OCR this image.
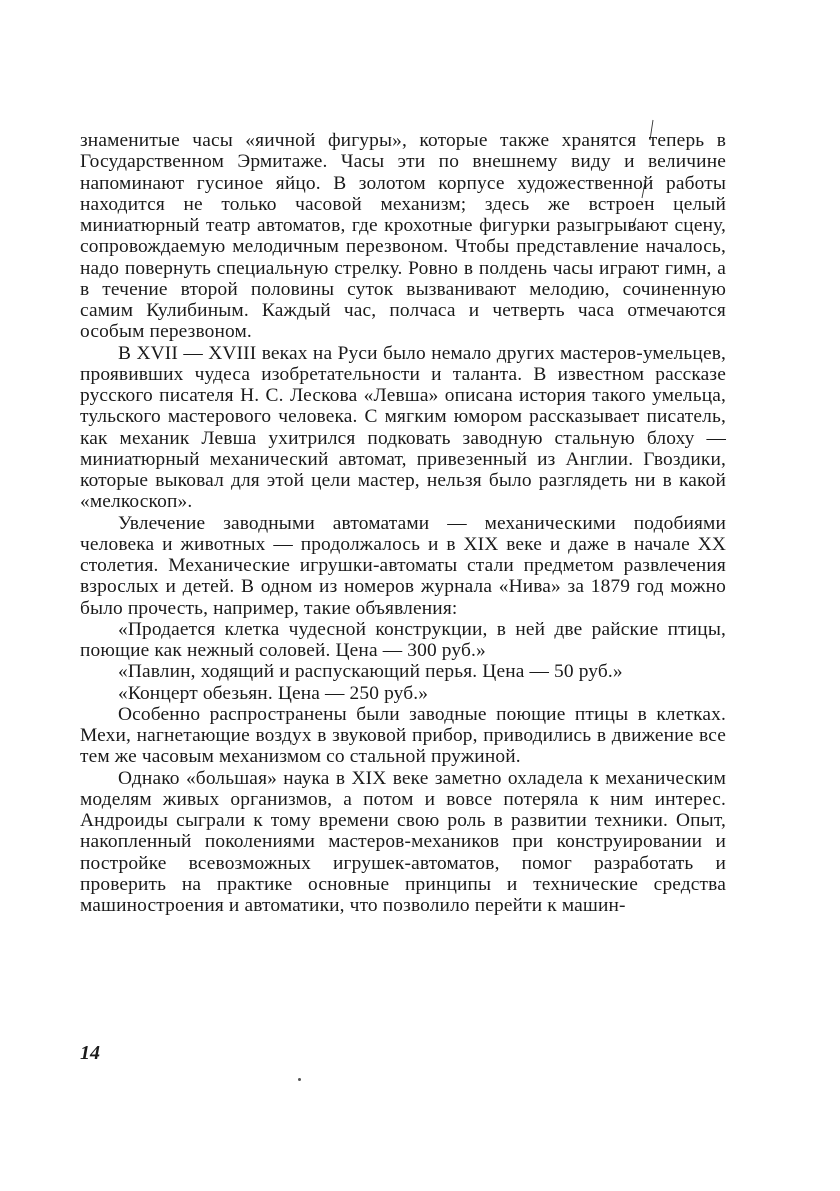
знаменитые часы «яичной фигуры», которые также хранятся теперь в Государственном Эрмитаже. Часы эти по внешнему виду и величине напоминают гусиное яйцо. В золотом корпусе художественной работы находится не только часовой механизм; здесь же встроен целый миниатюрный театр автоматов, где крохотные фигурки разыгрывают сцену, сопровождаемую мелодичным перезвоном. Чтобы представление началось, надо повернуть специальную стрелку. Ровно в полдень часы играют гимн, а в течение второй половины суток вызванивают мелодию, сочиненную самим Кулибиным. Каждый час, полчаса и четверть часа отмечаются особым перезвоном.

В XVII — XVIII веках на Руси было немало других мастеров-умельцев, проявивших чудеса изобретательности и таланта. В известном рассказе русского писателя Н. С. Лескова «Левша» описана история такого умельца, тульского мастерового человека. С мягким юмором рассказывает писатель, как механик Левша ухитрился подковать заводную стальную блоху — миниатюрный механический автомат, привезенный из Англии. Гвоздики, которые выковал для этой цели мастер, нельзя было разглядеть ни в какой «мелкоскоп».

Увлечение заводными автоматами — механическими подобиями человека и животных — продолжалось и в XIX веке и даже в начале XX столетия. Механические игрушки-автоматы стали предметом развлечения взрослых и детей. В одном из номеров журнала «Нива» за 1879 год можно было прочесть, например, такие объявления:

«Продается клетка чудесной конструкции, в ней две райские птицы, поющие как нежный соловей. Цена — 300 руб.»

«Павлин, ходящий и распускающий перья. Цена — 50 руб.»

«Концерт обезьян. Цена — 250 руб.»

Особенно распространены были заводные поющие птицы в клетках. Мехи, нагнетающие воздух в звуковой прибор, приводились в движение все тем же часовым механизмом со стальной пружиной.

Однако «большая» наука в XIX веке заметно охладела к механическим моделям живых организмов, а потом и вовсе потеряла к ним интерес. Андроиды сыграли к тому времени свою роль в развитии техники. Опыт, накопленный поколениями мастеров-механиков при конструировании и постройке всевозможных игрушек-автоматов, помог разработать и проверить на практике основные принципы и технические средства машиностроения и автоматики, что позволило перейти к машин-

14
